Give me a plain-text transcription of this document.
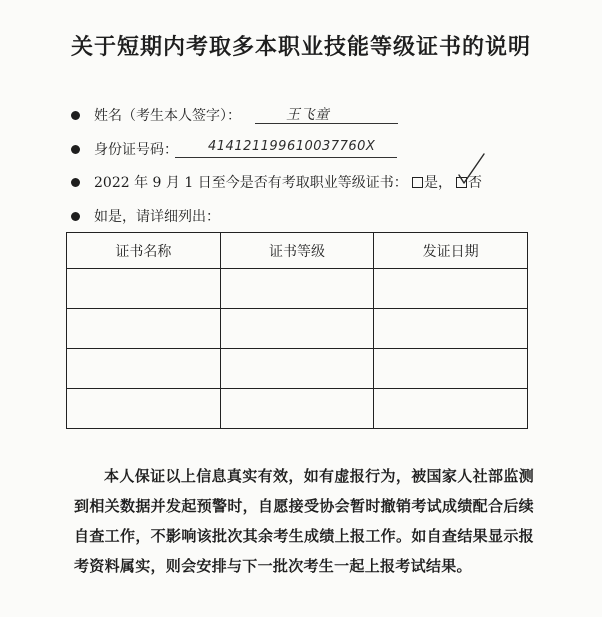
关于短期内考取多本职业技能等级证书的说明
姓名（考生本人签字）：	王飞童
身份证号码： 414121199610037760X
2022 年 9 月 1 日至今是否有考取职业等级证书：	是，	否
如是，请详细列出：
证书名称	证书等级	发证日期

本人保证以上信息真实有效，如有虚报行为，被国家人社部监测到相关数据并发起预警时，自愿接受协会暂时撤销考试成绩配合后续自查工作，不影响该批次其余考生成绩上报工作。如自查结果显示报考资料属实，则会安排与下一批次考生一起上报考试结果。
